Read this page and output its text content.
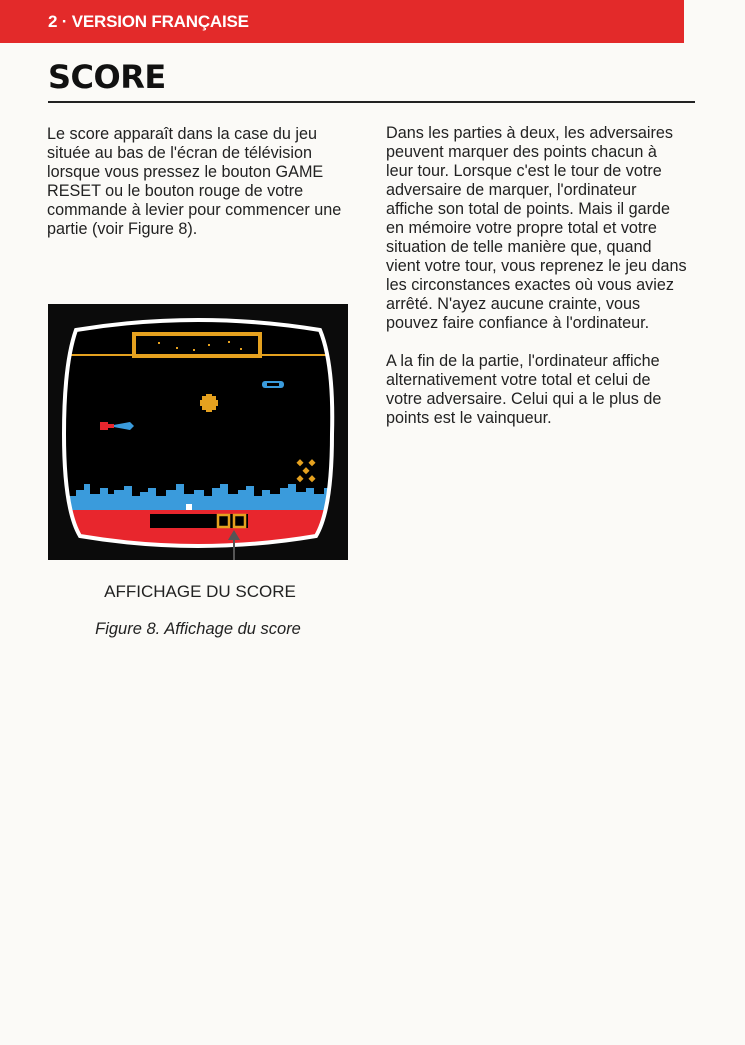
2 · VERSION FRANÇAISE
SCORE

Le score apparaît dans la case du jeu située au bas de l'écran de télévision lorsque vous pressez le bouton GAME RESET ou le bouton rouge de votre commande à levier pour commencer une partie (voir Figure 8).

Dans les parties à deux, les adversaires peuvent marquer des points chacun à leur tour. Lorsque c'est le tour de votre adversaire de marquer, l'ordinateur affiche son total de points. Mais il garde en mémoire votre propre total et votre situation de telle manière que, quand vient votre tour, vous reprenez le jeu dans les circonstances exactes où vous aviez arrêté. N'ayez aucune crainte, vous pouvez faire confiance à l'ordinateur.

A la fin de la partie, l'ordinateur affiche alternativement votre total et celui de votre adversaire. Celui qui a le plus de points est le vainqueur.

AFFICHAGE DU SCORE
Figure 8. Affichage du score
